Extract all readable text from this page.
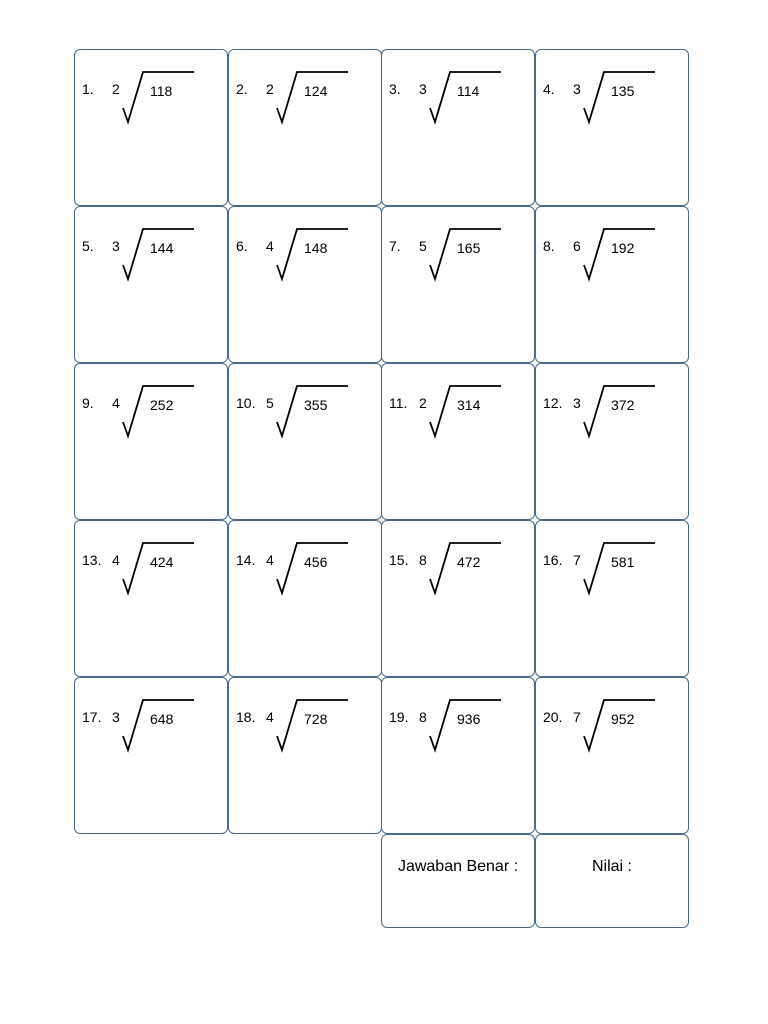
1. 2 118	2. 2 124	3. 3 114	4. 3 135
5. 3 144	6. 4 148	7. 5 165	8. 6 192
9. 4 252	10. 5 355	11. 2 314	12. 3 372
13. 4 424	14. 4 456	15. 8 472	16. 7 581
17. 3 648	18. 4 728	19. 8 936	20. 7 952
Jawaban Benar :	Nilai :
